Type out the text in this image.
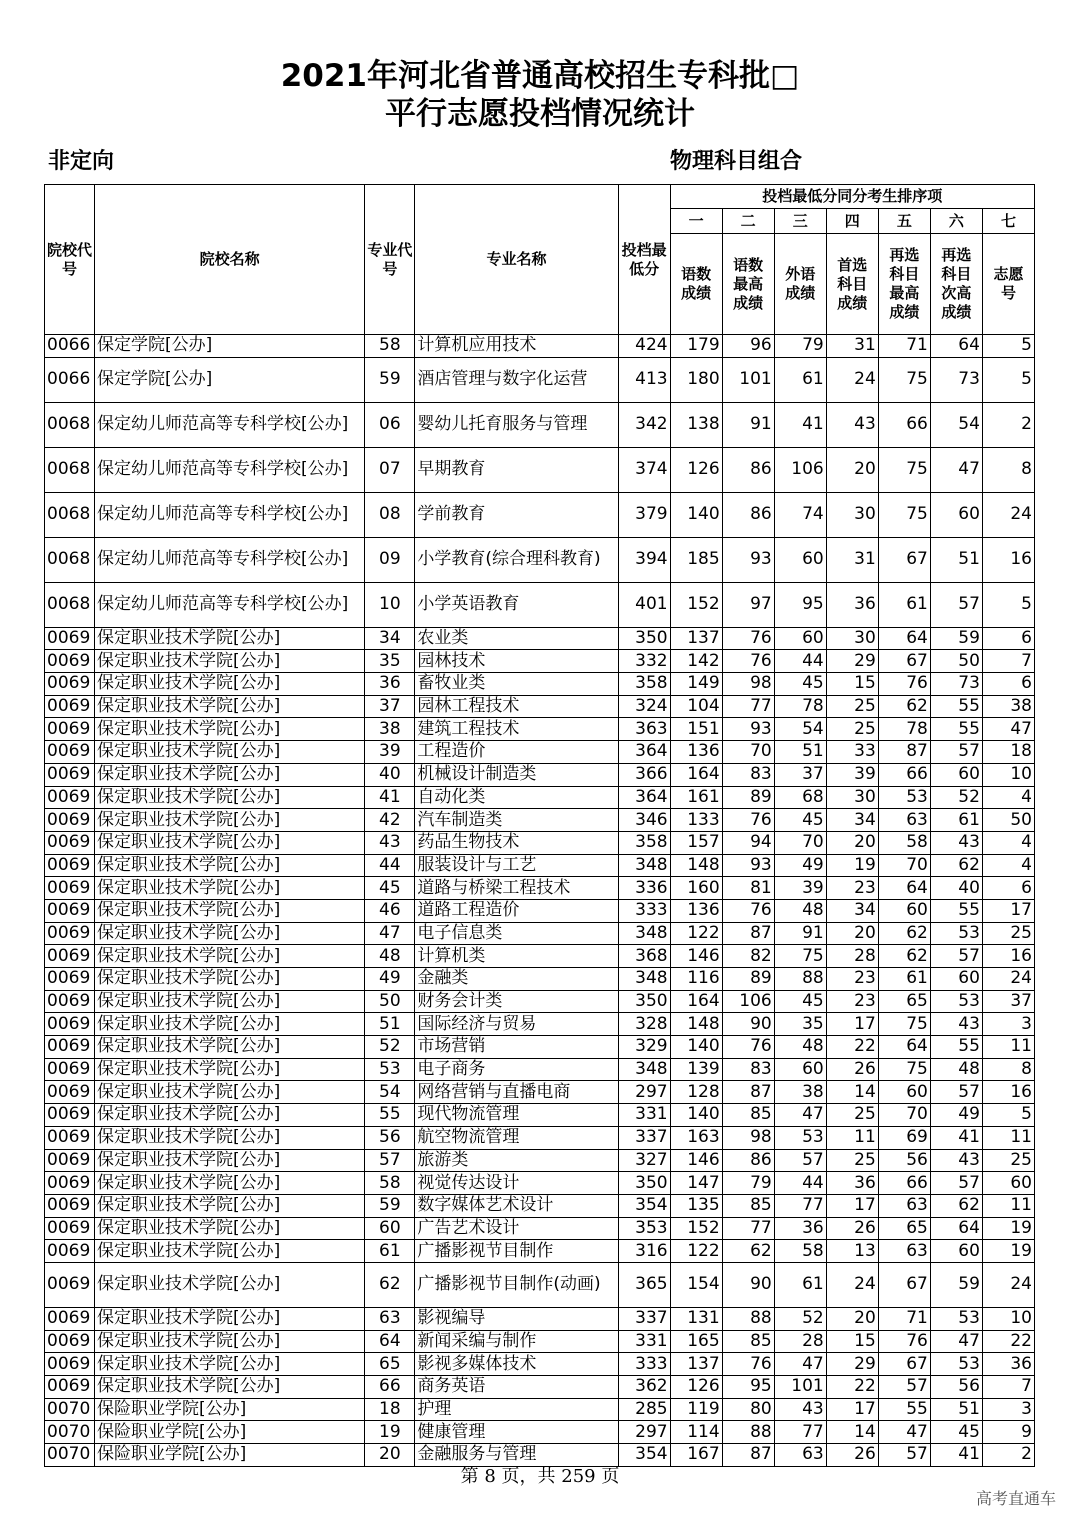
2021年河北省普通高校招生专科批□
平行志愿投档情况统计
非定向	物理科目组合
院校代号	院校名称	专业代号	专业名称	投档最低分	投档最低分同分考生排序项						
					一	二	三	四	五	六	七
					语数成绩	语数最高成绩	外语成绩	首选科目成绩	再选科目最高成绩	再选科目次高成绩	志愿号
0066	保定学院[公办]	58	计算机应用技术	424	179	96	79	31	71	64	5
0066	保定学院[公办]	59	酒店管理与数字化运营	413	180	101	61	24	75	73	5
0068	保定幼儿师范高等专科学校[公办]	06	婴幼儿托育服务与管理	342	138	91	41	43	66	54	2
0068	保定幼儿师范高等专科学校[公办]	07	早期教育	374	126	86	106	20	75	47	8
0068	保定幼儿师范高等专科学校[公办]	08	学前教育	379	140	86	74	30	75	60	24
0068	保定幼儿师范高等专科学校[公办]	09	小学教育(综合理科教育)	394	185	93	60	31	67	51	16
0068	保定幼儿师范高等专科学校[公办]	10	小学英语教育	401	152	97	95	36	61	57	5
0069	保定职业技术学院[公办]	34	农业类	350	137	76	60	30	64	59	6
0069	保定职业技术学院[公办]	35	园林技术	332	142	76	44	29	67	50	7
0069	保定职业技术学院[公办]	36	畜牧业类	358	149	98	45	15	76	73	6
0069	保定职业技术学院[公办]	37	园林工程技术	324	104	77	78	25	62	55	38
0069	保定职业技术学院[公办]	38	建筑工程技术	363	151	93	54	25	78	55	47
0069	保定职业技术学院[公办]	39	工程造价	364	136	70	51	33	87	57	18
0069	保定职业技术学院[公办]	40	机械设计制造类	366	164	83	37	39	66	60	10
0069	保定职业技术学院[公办]	41	自动化类	364	161	89	68	30	53	52	4
0069	保定职业技术学院[公办]	42	汽车制造类	346	133	76	45	34	63	61	50
0069	保定职业技术学院[公办]	43	药品生物技术	358	157	94	70	20	58	43	4
0069	保定职业技术学院[公办]	44	服装设计与工艺	348	148	93	49	19	70	62	4
0069	保定职业技术学院[公办]	45	道路与桥梁工程技术	336	160	81	39	23	64	40	6
0069	保定职业技术学院[公办]	46	道路工程造价	333	136	76	48	34	60	55	17
0069	保定职业技术学院[公办]	47	电子信息类	348	122	87	91	20	62	53	25
0069	保定职业技术学院[公办]	48	计算机类	368	146	82	75	28	62	57	16
0069	保定职业技术学院[公办]	49	金融类	348	116	89	88	23	61	60	24
0069	保定职业技术学院[公办]	50	财务会计类	350	164	106	45	23	65	53	37
0069	保定职业技术学院[公办]	51	国际经济与贸易	328	148	90	35	17	75	43	3
0069	保定职业技术学院[公办]	52	市场营销	329	140	76	48	22	64	55	11
0069	保定职业技术学院[公办]	53	电子商务	348	139	83	60	26	75	48	8
0069	保定职业技术学院[公办]	54	网络营销与直播电商	297	128	87	38	14	60	57	16
0069	保定职业技术学院[公办]	55	现代物流管理	331	140	85	47	25	70	49	5
0069	保定职业技术学院[公办]	56	航空物流管理	337	163	98	53	11	69	41	11
0069	保定职业技术学院[公办]	57	旅游类	327	146	86	57	25	56	43	25
0069	保定职业技术学院[公办]	58	视觉传达设计	350	147	79	44	36	66	57	60
0069	保定职业技术学院[公办]	59	数字媒体艺术设计	354	135	85	77	17	63	62	11
0069	保定职业技术学院[公办]	60	广告艺术设计	353	152	77	36	26	65	64	19
0069	保定职业技术学院[公办]	61	广播影视节目制作	316	122	62	58	13	63	60	19
0069	保定职业技术学院[公办]	62	广播影视节目制作(动画)	365	154	90	61	24	67	59	24
0069	保定职业技术学院[公办]	63	影视编导	337	131	88	52	20	71	53	10
0069	保定职业技术学院[公办]	64	新闻采编与制作	331	165	85	28	15	76	47	22
0069	保定职业技术学院[公办]	65	影视多媒体技术	333	137	76	47	29	67	53	36
0069	保定职业技术学院[公办]	66	商务英语	362	126	95	101	22	57	56	7
0070	保险职业学院[公办]	18	护理	285	119	80	43	17	55	51	3
0070	保险职业学院[公办]	19	健康管理	297	114	88	77	14	47	45	9
0070	保险职业学院[公办]	20	金融服务与管理	354	167	87	63	26	57	41	2
第 8 页，共 259 页
高考直通车
